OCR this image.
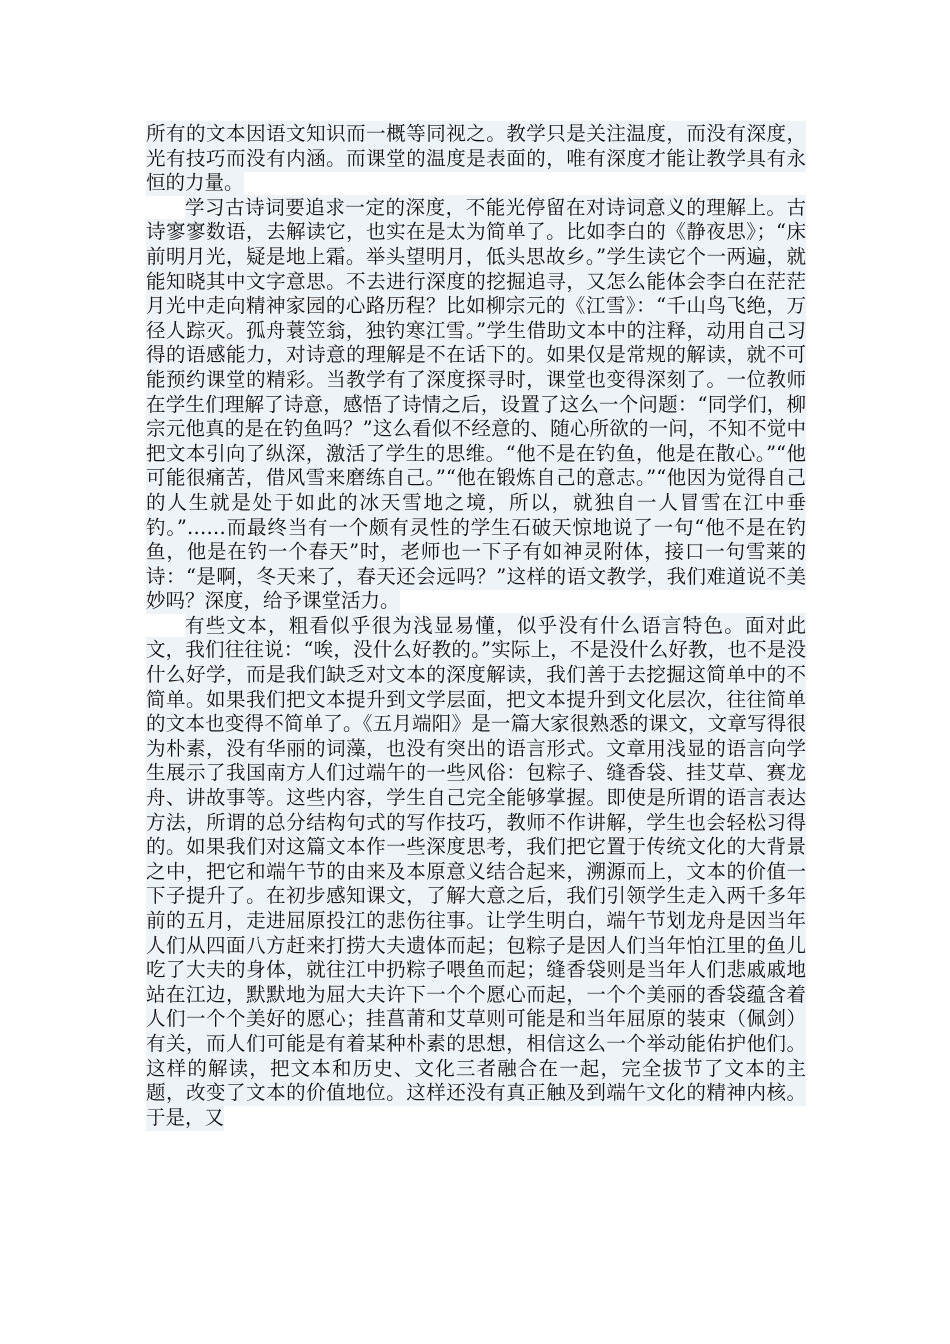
所有的文本因语文知识而一概等同视之。教学只是关注温度，而没有深度，光有技巧而没有内涵。而课堂的温度是表面的，唯有深度才能让教学具有永恒的力量。

学习古诗词要追求一定的深度，不能光停留在对诗词意义的理解上。古诗寥寥数语，去解读它，也实在是太为简单了。比如李白的《静夜思》；“床前明月光，疑是地上霜。举头望明月，低头思故乡。”学生读它个一两遍，就能知晓其中文字意思。不去进行深度的挖掘追寻，又怎么能体会李白在茫茫月光中走向精神家园的心路历程？比如柳宗元的《江雪》：“千山鸟飞绝，万径人踪灭。孤舟蓑笠翁，独钓寒江雪。”学生借助文本中的注释，动用自己习得的语感能力，对诗意的理解是不在话下的。如果仅是常规的解读，就不可能预约课堂的精彩。当教学有了深度探寻时，课堂也变得深刻了。一位教师在学生们理解了诗意，感悟了诗情之后，设置了这么一个问题：“同学们，柳宗元他真的是在钓鱼吗？”这么看似不经意的、随心所欲的一问，不知不觉中把文本引向了纵深，激活了学生的思维。“他不是在钓鱼，他是在散心。”“他可能很痛苦，借风雪来磨练自己。”“他在锻炼自己的意志。”“他因为觉得自己的人生就是处于如此的冰天雪地之境，所以，就独自一人冒雪在江中垂钓。”……而最终当有一个颇有灵性的学生石破天惊地说了一句“他不是在钓鱼，他是在钓一个春天”时，老师也一下子有如神灵附体，接口一句雪莱的诗：“是啊，冬天来了，春天还会远吗？”这样的语文教学，我们难道说不美妙吗？深度，给予课堂活力。

有些文本，粗看似乎很为浅显易懂，似乎没有什么语言特色。面对此文，我们往往说：“唉，没什么好教的。”实际上，不是没什么好教，也不是没什么好学，而是我们缺乏对文本的深度解读，我们善于去挖掘这简单中的不简单。如果我们把文本提升到文学层面，把文本提升到文化层次，往往简单的文本也变得不简单了。《五月端阳》是一篇大家很熟悉的课文，文章写得很为朴素，没有华丽的词藻，也没有突出的语言形式。文章用浅显的语言向学生展示了我国南方人们过端午的一些风俗：包粽子、缝香袋、挂艾草、赛龙舟、讲故事等。这些内容，学生自己完全能够掌握。即使是所谓的语言表达方法，所谓的总分结构句式的写作技巧，教师不作讲解，学生也会轻松习得的。如果我们对这篇文本作一些深度思考，我们把它置于传统文化的大背景之中，把它和端午节的由来及本原意义结合起来，溯源而上，文本的价值一下子提升了。在初步感知课文，了解大意之后，我们引领学生走入两千多年前的五月，走进屈原投江的悲伤往事。让学生明白，端午节划龙舟是因当年人们从四面八方赶来打捞大夫遗体而起；包粽子是因人们当年怕江里的鱼儿吃了大夫的身体，就往江中扔粽子喂鱼而起；缝香袋则是当年人们悲戚戚地站在江边，默默地为屈大夫许下一个个愿心而起，一个个美丽的香袋蕴含着人们一个个美好的愿心；挂菖莆和艾草则可能是和当年屈原的装束（佩剑）有关，而人们可能是有着某种朴素的思想，相信这么一个举动能佑护他们。这样的解读，把文本和历史、文化三者融合在一起，完全拔节了文本的主题，改变了文本的价值地位。这样还没有真正触及到端午文化的精神内核。于是，又
